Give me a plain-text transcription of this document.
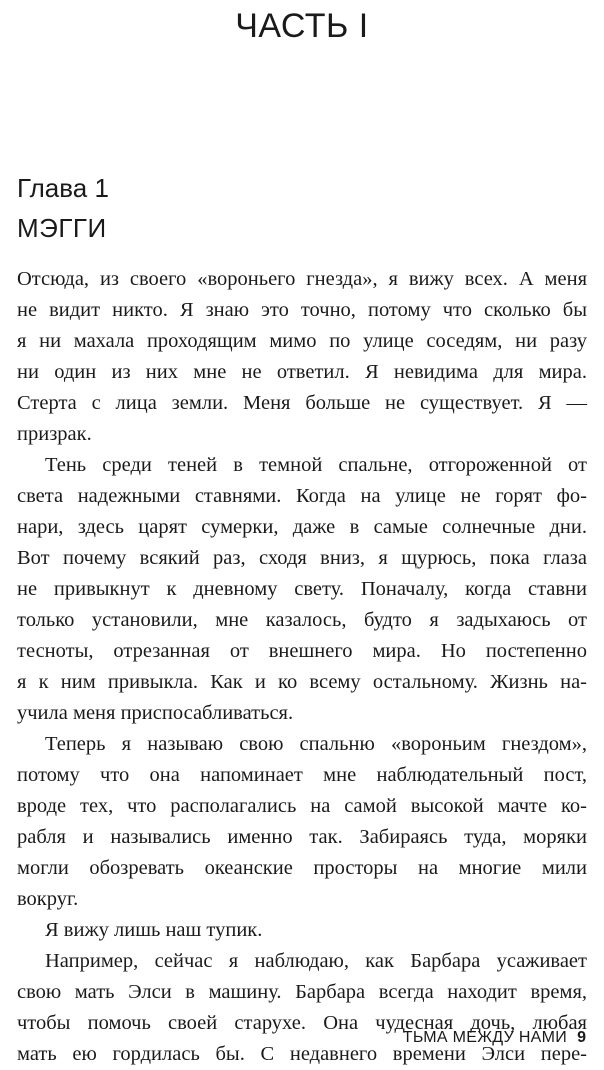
ЧАСТЬ I
Глава 1
МЭГГИ
Отсюда, из своего «вороньего гнезда», я вижу всех. А меня
не видит никто. Я знаю это точно, потому что сколько бы
я ни махала проходящим мимо по улице соседям, ни разу
ни один из них мне не ответил. Я невидима для мира.
Стерта с лица земли. Меня больше не существует. Я —
призрак.
Тень среди теней в темной спальне, отгороженной от
света надежными ставнями. Когда на улице не горят фо-
нари, здесь царят сумерки, даже в самые солнечные дни.
Вот почему всякий раз, сходя вниз, я щурюсь, пока глаза
не привыкнут к дневному свету. Поначалу, когда ставни
только установили, мне казалось, будто я задыхаюсь от
тесноты, отрезанная от внешнего мира. Но постепенно
я к ним привыкла. Как и ко всему остальному. Жизнь на-
учила меня приспосабливаться.
Теперь я называю свою спальню «вороньим гнездом»,
потому что она напоминает мне наблюдательный пост,
вроде тех, что располагались на самой высокой мачте ко-
рабля и назывались именно так. Забираясь туда, моряки
могли обозревать океанские просторы на многие мили
вокруг.
Я вижу лишь наш тупик.
Например, сейчас я наблюдаю, как Барбара усаживает
свою мать Элси в машину. Барбара всегда находит время,
чтобы помочь своей старухе. Она чудесная дочь, любая
мать ею гордилась бы. С недавнего времени Элси пере-
ТЬМА МЕЖДУ НАМИ 9
